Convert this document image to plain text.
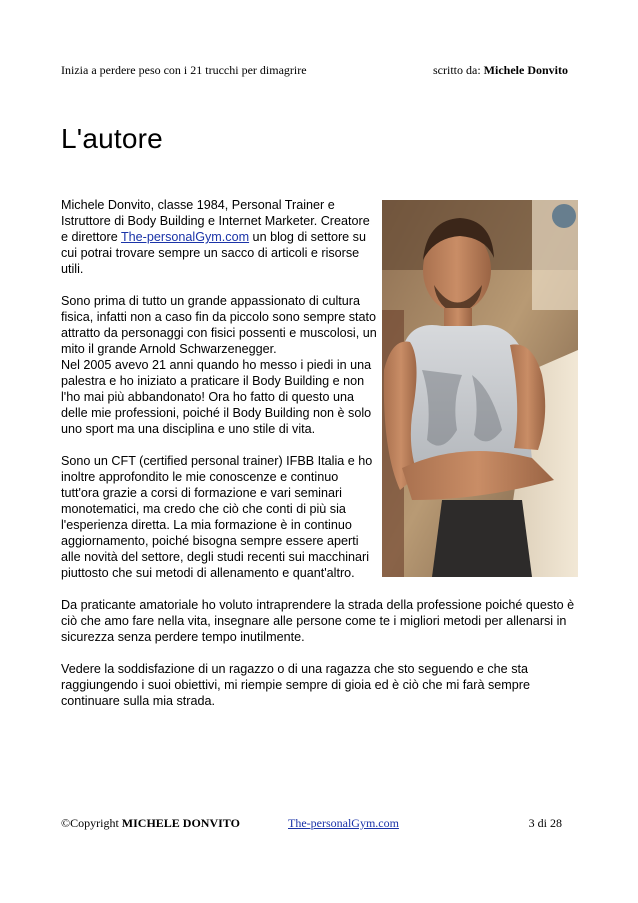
Inizia a perdere peso con i 21 trucchi per dimagrire	scritto da: Michele Donvito
L'autore

Michele Donvito, classe 1984, Personal Trainer e Istruttore di Body Building e Internet Marketer. Creatore e direttore The-personalGym.com un blog di settore su cui potrai trovare sempre un sacco di articoli e risorse utili.

Sono prima di tutto un grande appassionato di cultura fisica, infatti non a caso fin da piccolo sono sempre stato attratto da personaggi con fisici possenti e muscolosi, un mito il grande Arnold Schwarzenegger.
Nel 2005 avevo 21 anni quando ho messo i piedi in una palestra e ho iniziato a praticare il Body Building e non l'ho mai più abbandonato! Ora ho fatto di questo una delle mie professioni, poiché il Body Building non è solo uno sport ma una disciplina e uno stile di vita.

Sono un CFT (certified personal trainer) IFBB Italia e ho inoltre approfondito le mie conoscenze e continuo tutt'ora grazie a corsi di formazione e vari seminari monotematici, ma credo che ciò che conti di più sia l'esperienza diretta. La mia formazione è in continuo aggiornamento, poiché bisogna sempre essere aperti alle novità del settore, degli studi recenti sui macchinari piuttosto che sui metodi di allenamento e quant'altro.

Da praticante amatoriale ho voluto intraprendere la strada della professione poiché questo è ciò che amo fare nella vita, insegnare alle persone come te i migliori metodi per allenarsi in sicurezza senza perdere tempo inutilmente.

Vedere la soddisfazione di un ragazzo o di una ragazza che sto seguendo e che sta raggiungendo i suoi obiettivi, mi riempie sempre di gioia ed è ciò che mi farà sempre continuare sulla mia strada.

©Copyright MICHELE DONVITO	The-personalGym.com	3 di 28
